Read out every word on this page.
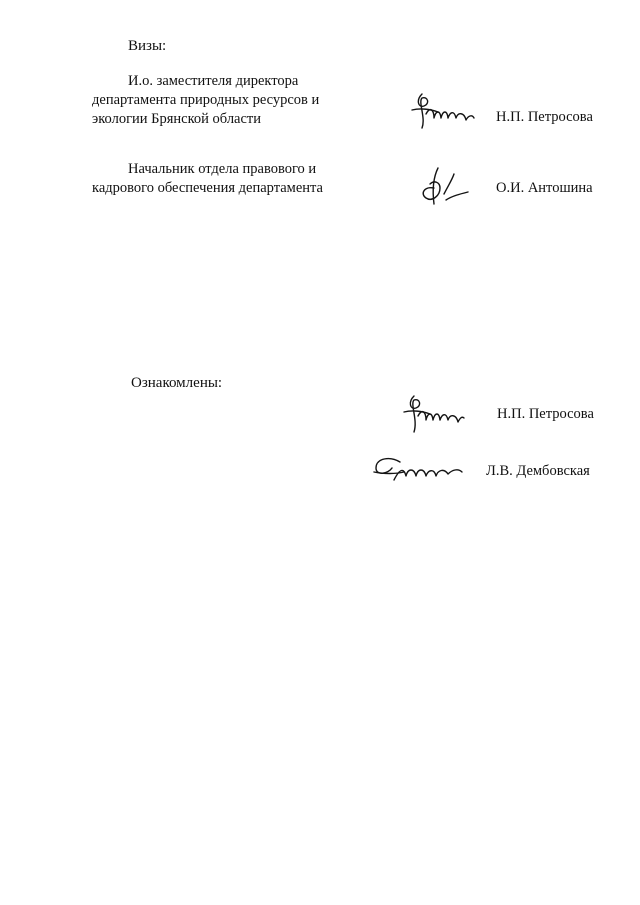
Визы:
И.о. заместителя директора
департамента природных ресурсов и
экологии Брянской области	Н.П. Петросова
Начальник отдела правового и
кадрового обеспечения департамента	О.И. Антошина
Ознакомлены:
Н.П. Петросова
Л.В. Дембовская
